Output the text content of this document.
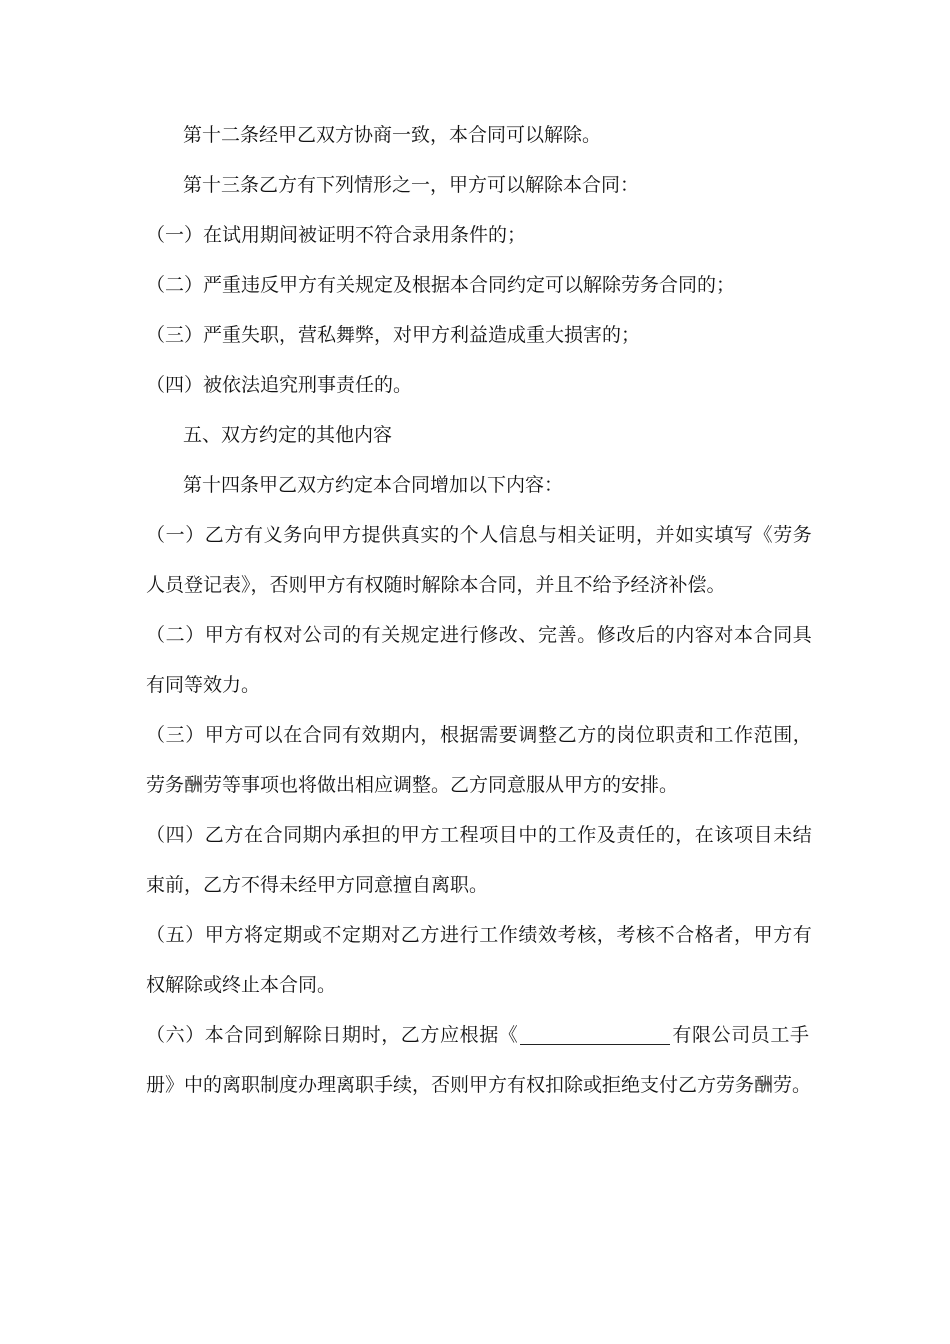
第十二条经甲乙双方协商一致，本合同可以解除。

第十三条乙方有下列情形之一，甲方可以解除本合同：

（一）在试用期间被证明不符合录用条件的；

（二）严重违反甲方有关规定及根据本合同约定可以解除劳务合同的；

（三）严重失职，营私舞弊，对甲方利益造成重大损害的；

（四）被依法追究刑事责任的。

五、双方约定的其他内容

第十四条甲乙双方约定本合同增加以下内容：

（一）乙方有义务向甲方提供真实的个人信息与相关证明，并如实填写《劳务

人员登记表》，否则甲方有权随时解除本合同，并且不给予经济补偿。

（二）甲方有权对公司的有关规定进行修改、完善。修改后的内容对本合同具

有同等效力。

（三）甲方可以在合同有效期内，根据需要调整乙方的岗位职责和工作范围，

劳务酬劳等事项也将做出相应调整。乙方同意服从甲方的安排。

（四）乙方在合同期内承担的甲方工程项目中的工作及责任的，在该项目未结

束前，乙方不得未经甲方同意擅自离职。

（五）甲方将定期或不定期对乙方进行工作绩效考核，考核不合格者，甲方有

权解除或终止本合同。

（六）本合同到解除日期时，乙方应根据《	有限公司员工手

册》中的离职制度办理离职手续，否则甲方有权扣除或拒绝支付乙方劳务酬劳。
